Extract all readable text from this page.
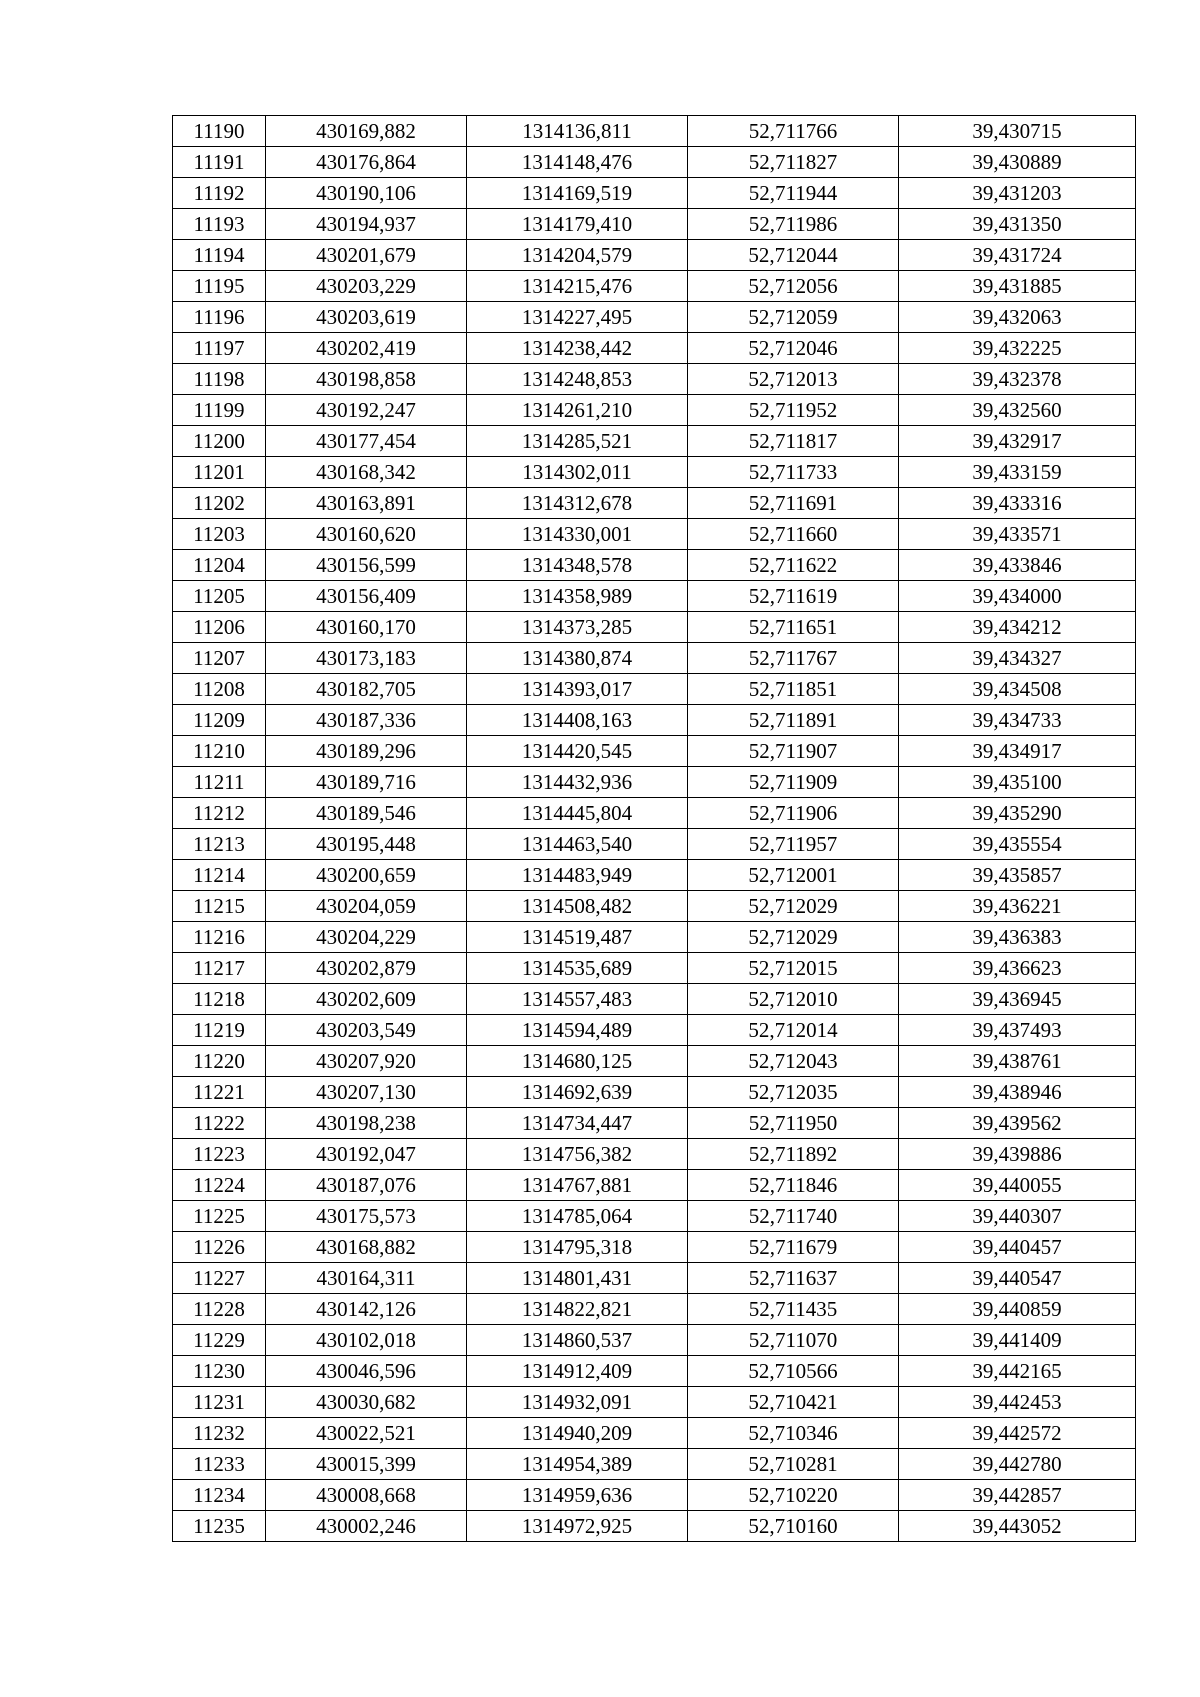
11190	430169,882	1314136,811	52,711766	39,430715
11191	430176,864	1314148,476	52,711827	39,430889
11192	430190,106	1314169,519	52,711944	39,431203
11193	430194,937	1314179,410	52,711986	39,431350
11194	430201,679	1314204,579	52,712044	39,431724
11195	430203,229	1314215,476	52,712056	39,431885
11196	430203,619	1314227,495	52,712059	39,432063
11197	430202,419	1314238,442	52,712046	39,432225
11198	430198,858	1314248,853	52,712013	39,432378
11199	430192,247	1314261,210	52,711952	39,432560
11200	430177,454	1314285,521	52,711817	39,432917
11201	430168,342	1314302,011	52,711733	39,433159
11202	430163,891	1314312,678	52,711691	39,433316
11203	430160,620	1314330,001	52,711660	39,433571
11204	430156,599	1314348,578	52,711622	39,433846
11205	430156,409	1314358,989	52,711619	39,434000
11206	430160,170	1314373,285	52,711651	39,434212
11207	430173,183	1314380,874	52,711767	39,434327
11208	430182,705	1314393,017	52,711851	39,434508
11209	430187,336	1314408,163	52,711891	39,434733
11210	430189,296	1314420,545	52,711907	39,434917
11211	430189,716	1314432,936	52,711909	39,435100
11212	430189,546	1314445,804	52,711906	39,435290
11213	430195,448	1314463,540	52,711957	39,435554
11214	430200,659	1314483,949	52,712001	39,435857
11215	430204,059	1314508,482	52,712029	39,436221
11216	430204,229	1314519,487	52,712029	39,436383
11217	430202,879	1314535,689	52,712015	39,436623
11218	430202,609	1314557,483	52,712010	39,436945
11219	430203,549	1314594,489	52,712014	39,437493
11220	430207,920	1314680,125	52,712043	39,438761
11221	430207,130	1314692,639	52,712035	39,438946
11222	430198,238	1314734,447	52,711950	39,439562
11223	430192,047	1314756,382	52,711892	39,439886
11224	430187,076	1314767,881	52,711846	39,440055
11225	430175,573	1314785,064	52,711740	39,440307
11226	430168,882	1314795,318	52,711679	39,440457
11227	430164,311	1314801,431	52,711637	39,440547
11228	430142,126	1314822,821	52,711435	39,440859
11229	430102,018	1314860,537	52,711070	39,441409
11230	430046,596	1314912,409	52,710566	39,442165
11231	430030,682	1314932,091	52,710421	39,442453
11232	430022,521	1314940,209	52,710346	39,442572
11233	430015,399	1314954,389	52,710281	39,442780
11234	430008,668	1314959,636	52,710220	39,442857
11235	430002,246	1314972,925	52,710160	39,443052
